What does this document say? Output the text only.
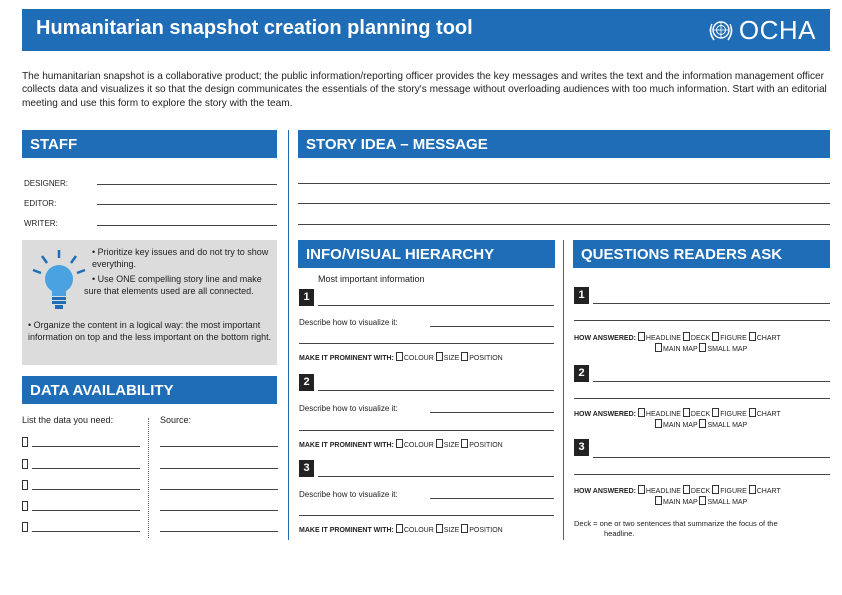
Humanitarian snapshot creation planning tool	OCHA
The humanitarian snapshot is a collaborative product; the public information/reporting officer provides the key messages and writes the text and the information management officer collects data and visualizes it so that the design communicates the essentials of the story's message without overloading audiences with too much information. Start with an editorial meeting and use this form to explore the story with the team.
STAFF
DESIGNER:
EDITOR:
WRITER:
• Prioritize key issues and do not try to show everything.
• Use ONE compelling story line and make sure that elements used are all connected.
• Organize the content in a logical way: the most important information on top and the less important on the bottom right.
DATA AVAILABILITY
List the data you need:	Source:
STORY IDEA – MESSAGE
INFO/VISUAL HIERARCHY
Most important information
1
Describe how to visualize it:
MAKE IT PROMINENT WITH: COLOUR SIZE POSITION
2
Describe how to visualize it:
MAKE IT PROMINENT WITH: COLOUR SIZE POSITION
3
Describe how to visualize it:
MAKE IT PROMINENT WITH: COLOUR SIZE POSITION
QUESTIONS READERS ASK
1
HOW ANSWERED: HEADLINE DECK FIGURE CHART
MAIN MAP SMALL MAP
2
HOW ANSWERED: HEADLINE DECK FIGURE CHART
MAIN MAP SMALL MAP
3
HOW ANSWERED: HEADLINE DECK FIGURE CHART
MAIN MAP SMALL MAP
Deck = one or two sentences that summarize the focus of the
headline.
